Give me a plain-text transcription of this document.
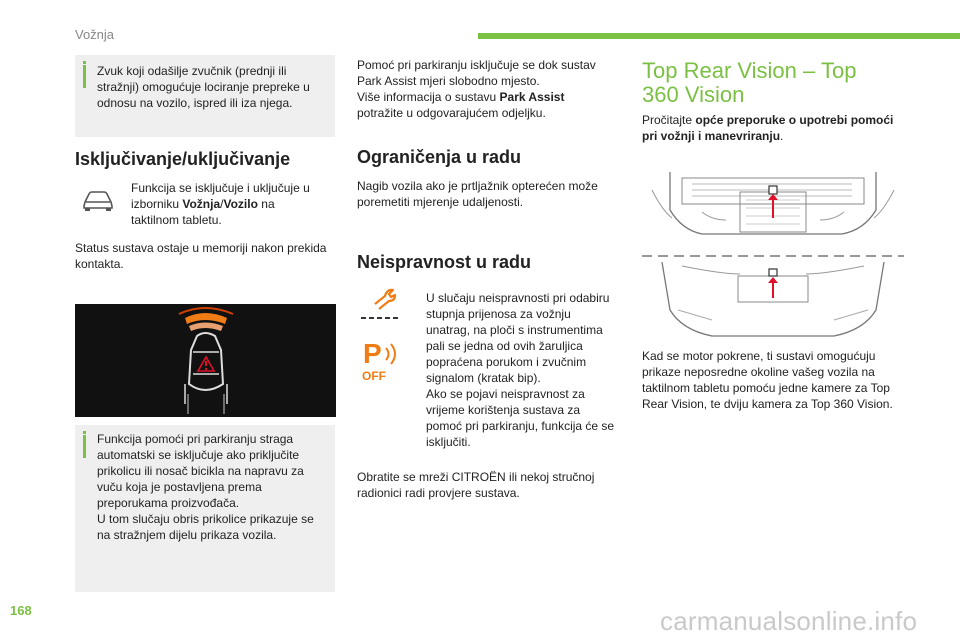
Vožnja
Zvuk koji odašilje zvučnik (prednji ili stražnji) omogućuje lociranje prepreke u odnosu na vozilo, ispred ili iza njega.
Isključivanje/uključivanje
Funkcija se isključuje i uključuje u izborniku Vožnja/Vozilo na taktilnom tabletu.
Status sustava ostaje u memoriji nakon prekida kontakta.

Funkcija pomoći pri parkiranju straga automatski se isključuje ako priključite prikolicu ili nosač bicikla na napravu za vuču koja je postavljena prema preporukama proizvođača.

U tom slučaju obris prikolice prikazuje se na stražnjem dijelu prikaza vozila.

Pomoć pri parkiranju isključuje se dok sustav Park Assist mjeri slobodno mjesto.

Više informacija o sustavu Park Assist potražite u odgovarajućem odjeljku.

Ograničenja u radu
Nagib vozila ako je prtljažnik opterećen može poremetiti mjerenje udaljenosti.
Neispravnost u radu
P
OFF

U slučaju neispravnosti pri odabiru stupnja prijenosa za vožnju unatrag, na ploči s instrumentima pali se jedna od ovih žaruljica popraćena porukom i zvučnim signalom (kratak bip).

Ako se pojavi neispravnost za vrijeme korištenja sustava za pomoć pri parkiranju, funkcija će se isključiti.

Obratite se mreži CITROËN ili nekoj stručnoj radionici radi provjere sustava.
Top Rear Vision – Top
360 Vision
Pročitajte opće preporuke o upotrebi pomoći pri vožnji i manevriranju.
Kad se motor pokrene, ti sustavi omogućuju prikaze neposredne okoline vašeg vozila na taktilnom tabletu pomoću jedne kamere za Top Rear Vision, te dviju kamera za Top 360 Vision.
168	carmanualsonline.info
